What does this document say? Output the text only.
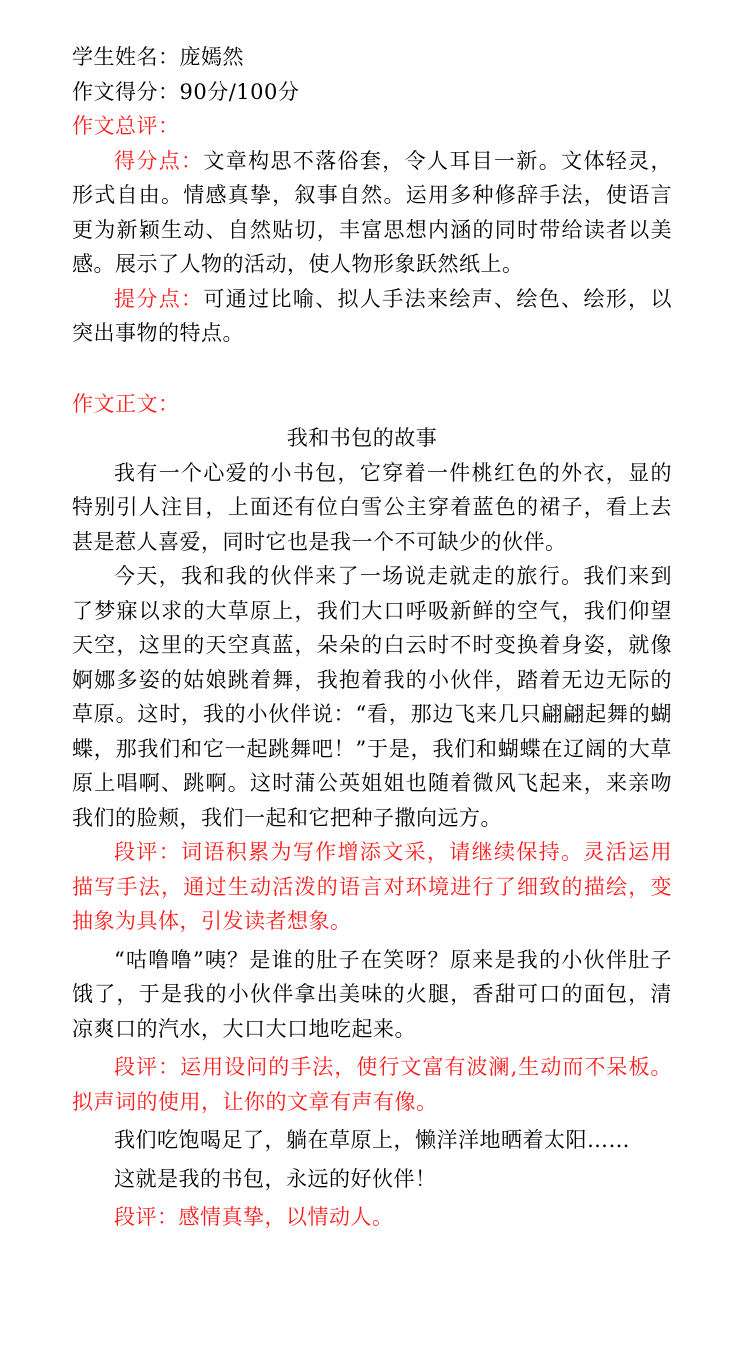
学生姓名：庞嫣然
作文得分：90分/100分
作文总评：
得分点：文章构思不落俗套，令人耳目一新。文体轻灵，形式自由。情感真挚，叙事自然。运用多种修辞手法，使语言更为新颖生动、自然贴切，丰富思想内涵的同时带给读者以美感。展示了人物的活动，使人物形象跃然纸上。
提分点：可通过比喻、拟人手法来绘声、绘色、绘形，以突出事物的特点。
作文正文：
我和书包的故事
我有一个心爱的小书包，它穿着一件桃红色的外衣，显的特别引人注目，上面还有位白雪公主穿着蓝色的裙子，看上去甚是惹人喜爱，同时它也是我一个不可缺少的伙伴。
今天，我和我的伙伴来了一场说走就走的旅行。我们来到了梦寐以求的大草原上，我们大口呼吸新鲜的空气，我们仰望天空，这里的天空真蓝，朵朵的白云时不时变换着身姿，就像婀娜多姿的姑娘跳着舞，我抱着我的小伙伴，踏着无边无际的草原。这时，我的小伙伴说：“看，那边飞来几只翩翩起舞的蝴蝶，那我们和它一起跳舞吧！”于是，我们和蝴蝶在辽阔的大草原上唱啊、跳啊。这时蒲公英姐姐也随着微风飞起来，来亲吻我们的脸颊，我们一起和它把种子撒向远方。
段评：词语积累为写作增添文采，请继续保持。灵活运用描写手法，通过生动活泼的语言对环境进行了细致的描绘，变抽象为具体，引发读者想象。
“咕噜噜”咦？是谁的肚子在笑呀？原来是我的小伙伴肚子饿了，于是我的小伙伴拿出美味的火腿，香甜可口的面包，清凉爽口的汽水，大口大口地吃起来。
段评：运用设问的手法，使行文富有波澜,生动而不呆板。拟声词的使用，让你的文章有声有像。
我们吃饱喝足了，躺在草原上，懒洋洋地晒着太阳……
这就是我的书包，永远的好伙伴！
段评：感情真挚，以情动人。
